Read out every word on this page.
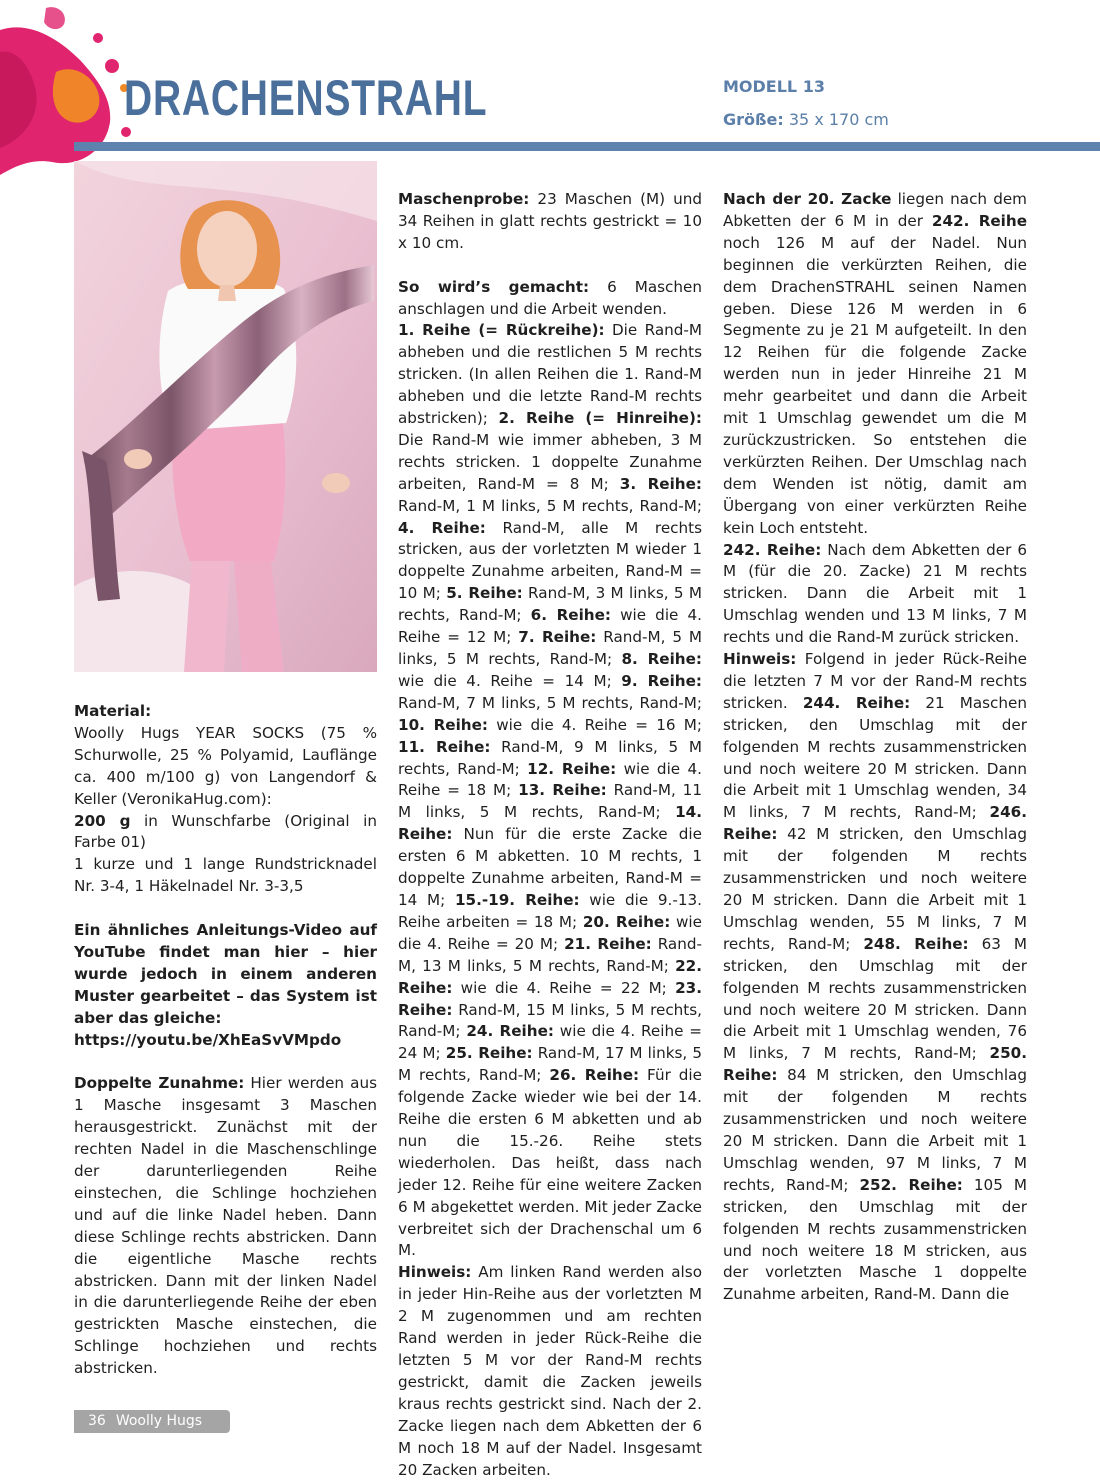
DRACHENSTRAHL	MODELL 13
Größe: 35 x 170 cm

Material:

Woolly Hugs YEAR SOCKS (75 % Schurwolle, 25 % Polyamid, Lauflänge ca. 400 m/100 g) von Langendorf & Keller (VeronikaHug.com):

200 g in Wunschfarbe (Original in Farbe 01)

1 kurze und 1 lange Rundstricknadel Nr. 3-4, 1 Häkelnadel Nr. 3-3,5

Ein ähnliches Anleitungs-Video auf YouTube findet man hier – hier wurde jedoch in einem anderen Muster gearbeitet – das System ist aber das gleiche:

https://youtu.be/XhEaSvVMpdo

Doppelte Zunahme: Hier werden aus 1 Masche insgesamt 3 Maschen herausgestrickt. Zunächst mit der rechten Nadel in die Maschenschlinge der darunterliegenden Reihe einstechen, die Schlinge hochziehen und auf die linke Nadel heben. Dann diese Schlinge rechts abstricken. Dann die eigentliche Masche rechts abstricken. Dann mit der linken Nadel in die darunterliegende Reihe der eben gestrickten Masche einstechen, die Schlinge hochziehen und rechts abstricken.

Maschenprobe: 23 Maschen (M) und 34 Reihen in glatt rechts gestrickt = 10 x 10 cm.

So wird’s gemacht: 6 Maschen anschlagen und die Arbeit wenden.

1. Reihe (= Rückreihe): Die Rand-M abheben und die restlichen 5 M rechts stricken. (In allen Reihen die 1. Rand-M abheben und die letzte Rand-M rechts abstricken); 2. Reihe (= Hinreihe): Die Rand-M wie immer abheben, 3 M rechts stricken. 1 doppelte Zunahme arbeiten, Rand-M = 8 M; 3. Reihe: Rand-M, 1 M links, 5 M rechts, Rand-M; 4. Reihe: Rand-M, alle M rechts stricken, aus der vorletzten M wieder 1 doppelte Zunahme arbeiten, Rand-M = 10 M; 5. Reihe: Rand-M, 3 M links, 5 M rechts, Rand-M; 6. Reihe: wie die 4. Reihe = 12 M; 7. Reihe: Rand-M, 5 M links, 5 M rechts, Rand-M; 8. Reihe: wie die 4. Reihe = 14 M; 9. Reihe: Rand-M, 7 M links, 5 M rechts, Rand-M; 10. Reihe: wie die 4. Reihe = 16 M; 11. Reihe: Rand-M, 9 M links, 5 M rechts, Rand-M; 12. Reihe: wie die 4. Reihe = 18 M; 13. Reihe: Rand-M, 11 M links, 5 M rechts, Rand-M; 14. Reihe: Nun für die erste Zacke die ersten 6 M abketten. 10 M rechts, 1 doppelte Zunahme arbeiten, Rand-M = 14 M; 15.-19. Reihe: wie die 9.-13. Reihe arbeiten = 18 M; 20. Reihe: wie die 4. Reihe = 20 M; 21. Reihe: Rand-M, 13 M links, 5 M rechts, Rand-M; 22. Reihe: wie die 4. Reihe = 22 M; 23. Reihe: Rand-M, 15 M links, 5 M rechts, Rand-M; 24. Reihe: wie die 4. Reihe = 24 M; 25. Reihe: Rand-M, 17 M links, 5 M rechts, Rand-M; 26. Reihe: Für die folgende Zacke wieder wie bei der 14. Reihe die ersten 6 M abketten und ab nun die 15.-26. Reihe stets wiederholen. Das heißt, dass nach jeder 12. Reihe für eine weitere Zacken 6 M abgekettet werden. Mit jeder Zacke verbreitet sich der Drachenschal um 6 M.

Hinweis: Am linken Rand werden also in jeder Hin-Reihe aus der vorletzten M 2 M zugenommen und am rechten Rand werden in jeder Rück-Reihe die letzten 5 M vor der Rand-M rechts gestrickt, damit die Zacken jeweils kraus rechts gestrickt sind. Nach der 2. Zacke liegen nach dem Abketten der 6 M noch 18 M auf der Nadel. Insgesamt 20 Zacken arbeiten.

Nach der 20. Zacke liegen nach dem Abketten der 6 M in der 242. Reihe noch 126 M auf der Nadel. Nun beginnen die verkürzten Reihen, die dem DrachenSTRAHL seinen Namen geben. Diese 126 M werden in 6 Segmente zu je 21 M aufgeteilt. In den 12 Reihen für die folgende Zacke werden nun in jeder Hinreihe 21 M mehr gearbeitet und dann die Arbeit mit 1 Umschlag gewendet um die M zurückzustricken. So entstehen die verkürzten Reihen. Der Umschlag nach dem Wenden ist nötig, damit am Übergang von einer verkürzten Reihe kein Loch entsteht.

242. Reihe: Nach dem Abketten der 6 M (für die 20. Zacke) 21 M rechts stricken. Dann die Arbeit mit 1 Umschlag wenden und 13 M links, 7 M rechts und die Rand-M zurück stricken.

Hinweis: Folgend in jeder Rück-Reihe die letzten 7 M vor der Rand-M rechts stricken. 244. Reihe: 21 Maschen stricken, den Umschlag mit der folgenden M rechts zusammenstricken und noch weitere 20 M stricken. Dann die Arbeit mit 1 Umschlag wenden, 34 M links, 7 M rechts, Rand-M; 246. Reihe: 42 M stricken, den Umschlag mit der folgenden M rechts zusammenstricken und noch weitere 20 M stricken. Dann die Arbeit mit 1 Umschlag wenden, 55 M links, 7 M rechts, Rand-M; 248. Reihe: 63 M stricken, den Umschlag mit der folgenden M rechts zusammenstricken und noch weitere 20 M stricken. Dann die Arbeit mit 1 Umschlag wenden, 76 M links, 7 M rechts, Rand-M; 250. Reihe: 84 M stricken, den Umschlag mit der folgenden M rechts zusammenstricken und noch weitere 20 M stricken. Dann die Arbeit mit 1 Umschlag wenden, 97 M links, 7 M rechts, Rand-M; 252. Reihe: 105 M stricken, den Umschlag mit der folgenden M rechts zusammenstricken und noch weitere 18 M stricken, aus der vorletzten Masche 1 doppelte Zunahme arbeiten, Rand-M. Dann die

36 Woolly Hugs
